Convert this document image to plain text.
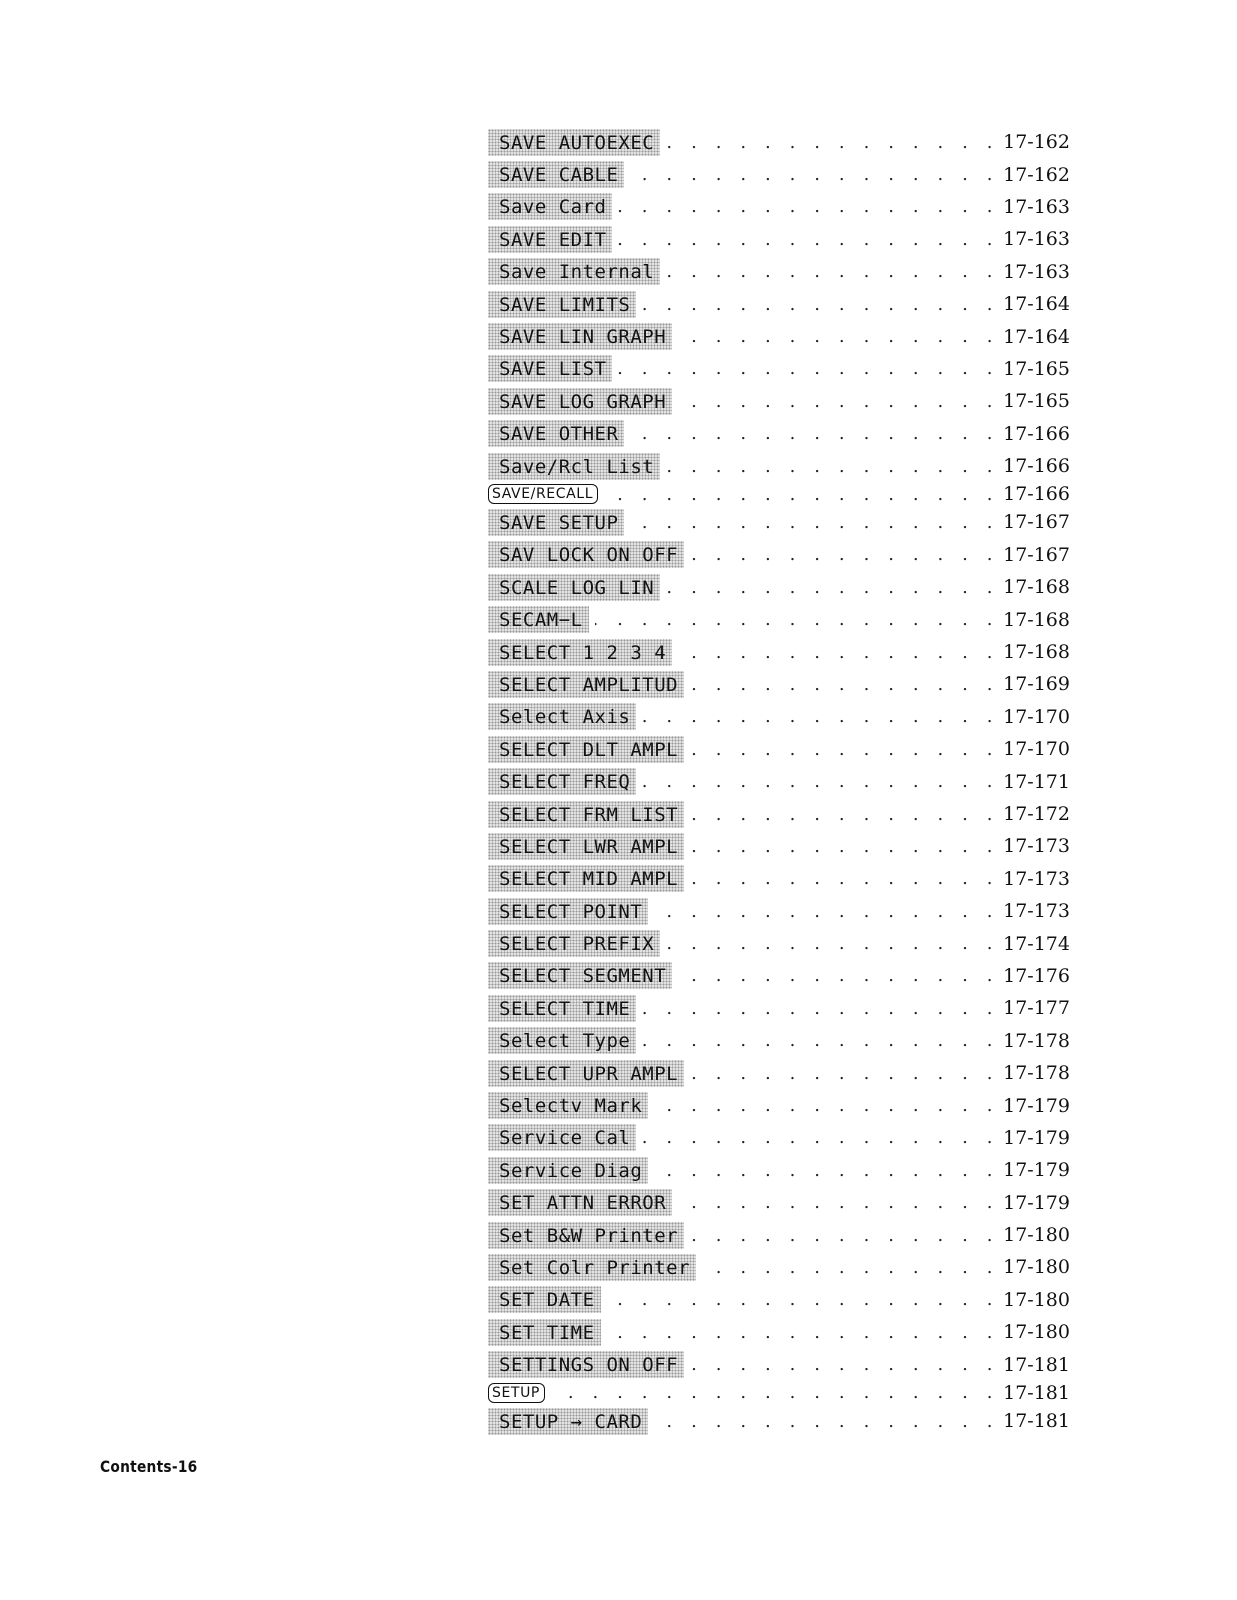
SAVE AUTOEXEC . . .	17-162
SAVE CABLE . . .	17-162
Save Card . . .	17-163
SAVE EDIT . . .	17-163
Save Internal . . .	17-163
SAVE LIMITS . . .	17-164
SAVE LIN GRAPH . . .	17-164
SAVE LIST . . .	17-165
SAVE LOG GRAPH . . .	17-165
SAVE OTHER . . .	17-166
Save/Rcl List . . .	17-166
SAVE/RECALL . . .	17-166
SAVE SETUP . . .	17-167
SAV LOCK ON OFF . . .	17-167
SCALE LOG LIN . . .	17-168
SECAM−L . . .	17-168
SELECT 1 2 3 4 . . .	17-168
SELECT AMPLITUD . . .	17-169
Select Axis . . .	17-170
SELECT DLT AMPL . . .	17-170
SELECT FREQ . . .	17-171
SELECT FRM LIST . . .	17-172
SELECT LWR AMPL . . .	17-173
SELECT MID AMPL . . .	17-173
SELECT POINT . . .	17-173
SELECT PREFIX . . .	17-174
SELECT SEGMENT . . .	17-176
SELECT TIME . . .	17-177
Select Type . . .	17-178
SELECT UPR AMPL . . .	17-178
Selectv Mark . . .	17-179
Service Cal . . .	17-179
Service Diag . . .	17-179
SET ATTN ERROR . . .	17-179
Set B&W Printer . . .	17-180
Set Colr Printer . . .	17-180
SET DATE . . .	17-180
SET TIME . . .	17-180
SETTINGS ON OFF . . .	17-181
SETUP . . .	17-181
SETUP → CARD . . .	17-181
Contents-16
